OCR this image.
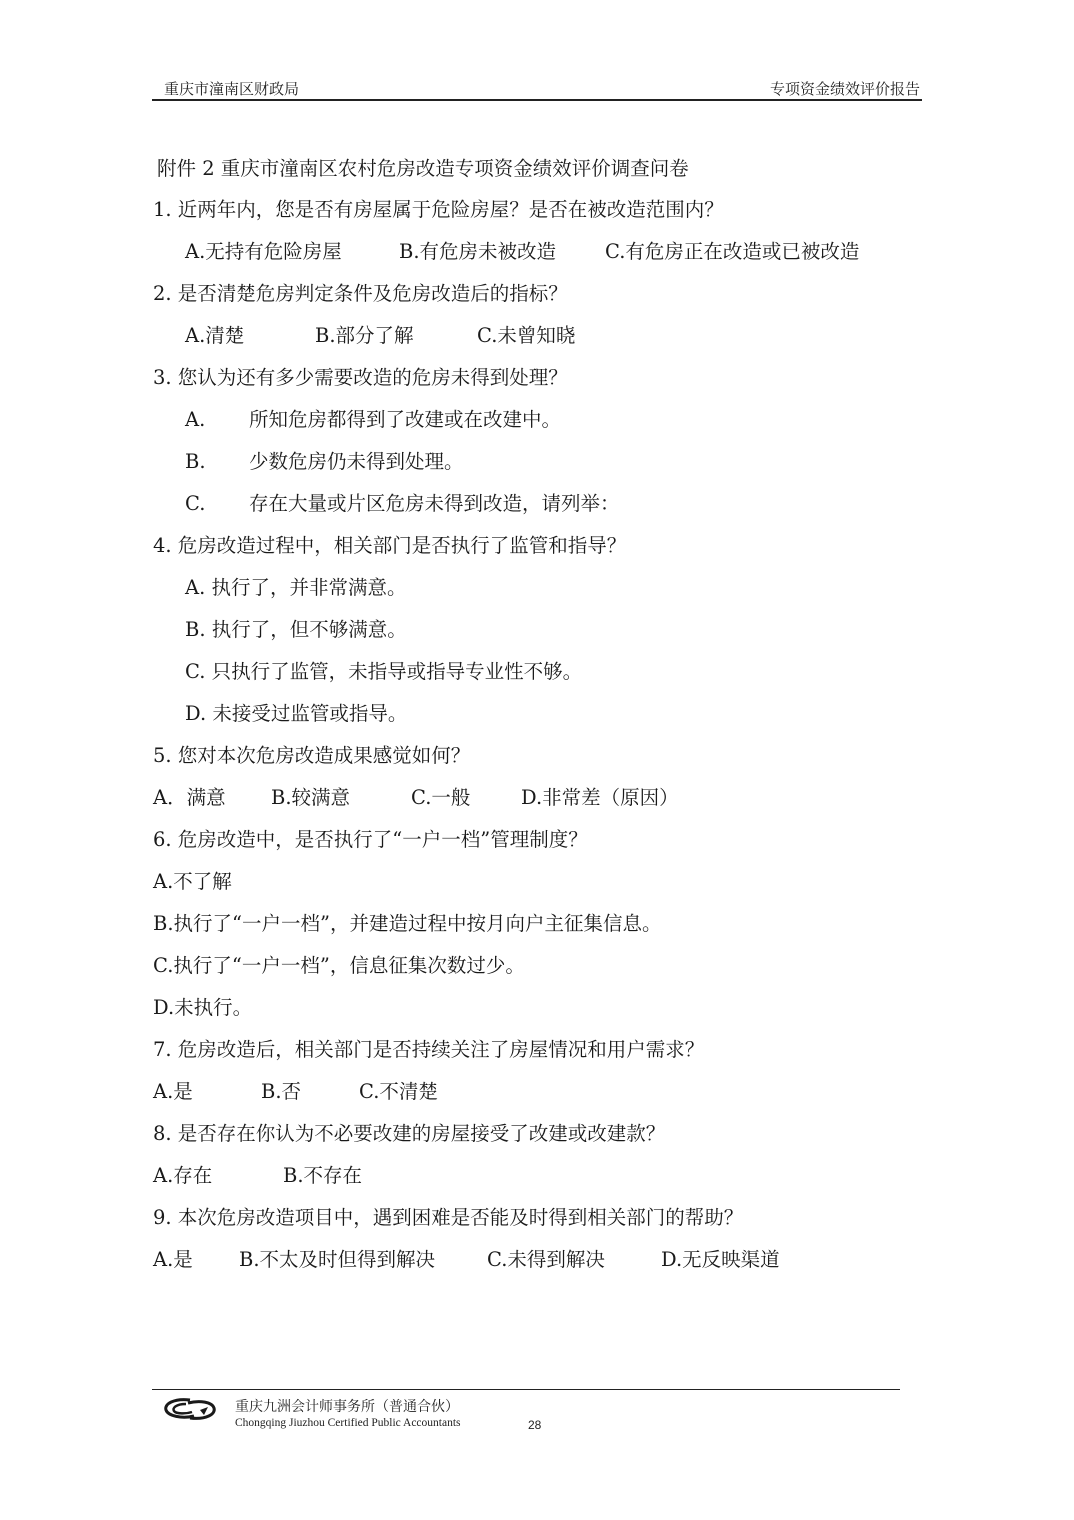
重庆市潼南区财政局	专项资金绩效评价报告
附件 2 重庆市潼南区农村危房改造专项资金绩效评价调查问卷
1. 近两年内，您是否有房屋属于危险房屋？是否在被改造范围内？
A.无持有危险房屋	B.有危房未被改造	C.有危房正在改造或已被改造
2. 是否清楚危房判定条件及危房改造后的指标？
A.清楚	B.部分了解	C.未曾知晓
3. 您认为还有多少需要改造的危房未得到处理？
A. 所知危房都得到了改建或在改建中。
B. 少数危房仍未得到处理。
C. 存在大量或片区危房未得到改造，请列举：
4. 危房改造过程中，相关部门是否执行了监管和指导？
A. 执行了，并非常满意。
B. 执行了，但不够满意。
C. 只执行了监管，未指导或指导专业性不够。
D. 未接受过监管或指导。
5. 您对本次危房改造成果感觉如何？
A．满意 B.较满意	C.一般	D.非常差（原因）
6. 危房改造中，是否执行了“一户一档”管理制度？
A.不了解
B.执行了“一户一档”，并建造过程中按月向户主征集信息。
C.执行了“一户一档”，信息征集次数过少。
D.未执行。
7. 危房改造后，相关部门是否持续关注了房屋情况和用户需求？
A.是	B.否	C.不清楚
8. 是否存在你认为不必要改建的房屋接受了改建或改建款？
A.存在	B.不存在
9. 本次危房改造项目中，遇到困难是否能及时得到相关部门的帮助？
A.是 B.不太及时但得到解决	C.未得到解决	D.无反映渠道
重庆九洲会计师事务所（普通合伙）
Chongqing Jiuzhou Certified Public Accountants	28
